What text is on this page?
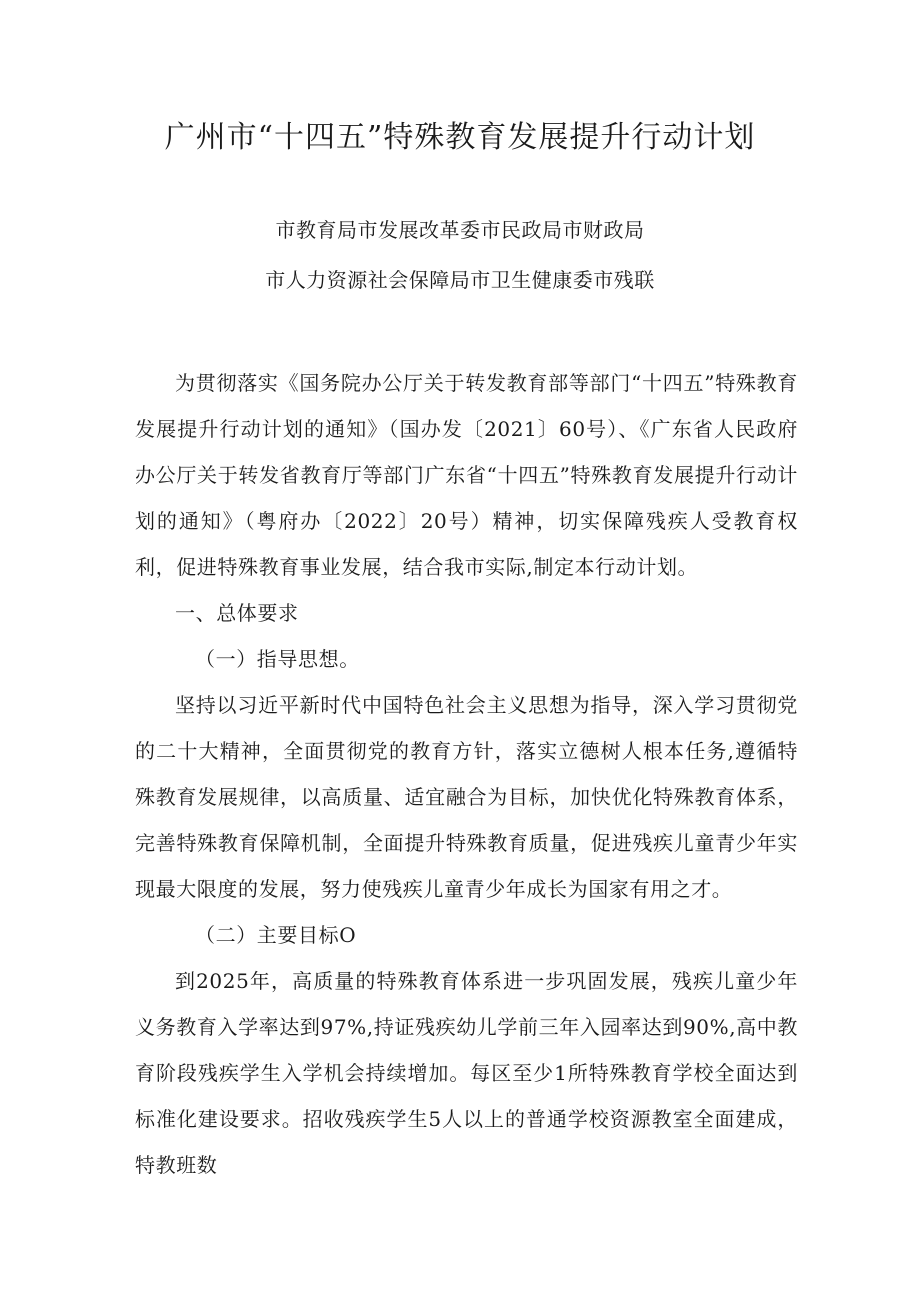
广州市“十四五”特殊教育发展提升行动计划

市教育局市发展改革委市民政局市财政局

市人力资源社会保障局市卫生健康委市残联

为贯彻落实《国务院办公厅关于转发教育部等部门“十四五”特殊教育发展提升行动计划的通知》（国办发〔2021〕60号）、《广东省人民政府办公厅关于转发省教育厅等部门广东省“十四五”特殊教育发展提升行动计划的通知》（粤府办〔2022〕20号）精神，切实保障残疾人受教育权利，促进特殊教育事业发展，结合我市实际,制定本行动计划。

一、总体要求

（一）指导思想。

坚持以习近平新时代中国特色社会主义思想为指导，深入学习贯彻党的二十大精神，全面贯彻党的教育方针，落实立德树人根本任务,遵循特殊教育发展规律，以高质量、适宜融合为目标，加快优化特殊教育体系，完善特殊教育保障机制，全面提升特殊教育质量，促进残疾儿童青少年实现最大限度的发展，努力使残疾儿童青少年成长为国家有用之才。

（二）主要目标O

到2025年，高质量的特殊教育体系进一步巩固发展，残疾儿童少年义务教育入学率达到97%,持证残疾幼儿学前三年入园率达到90%,高中教育阶段残疾学生入学机会持续增加。每区至少1所特殊教育学校全面达到标准化建设要求。招收残疾学生5人以上的普通学校资源教室全面建成，特教班数
